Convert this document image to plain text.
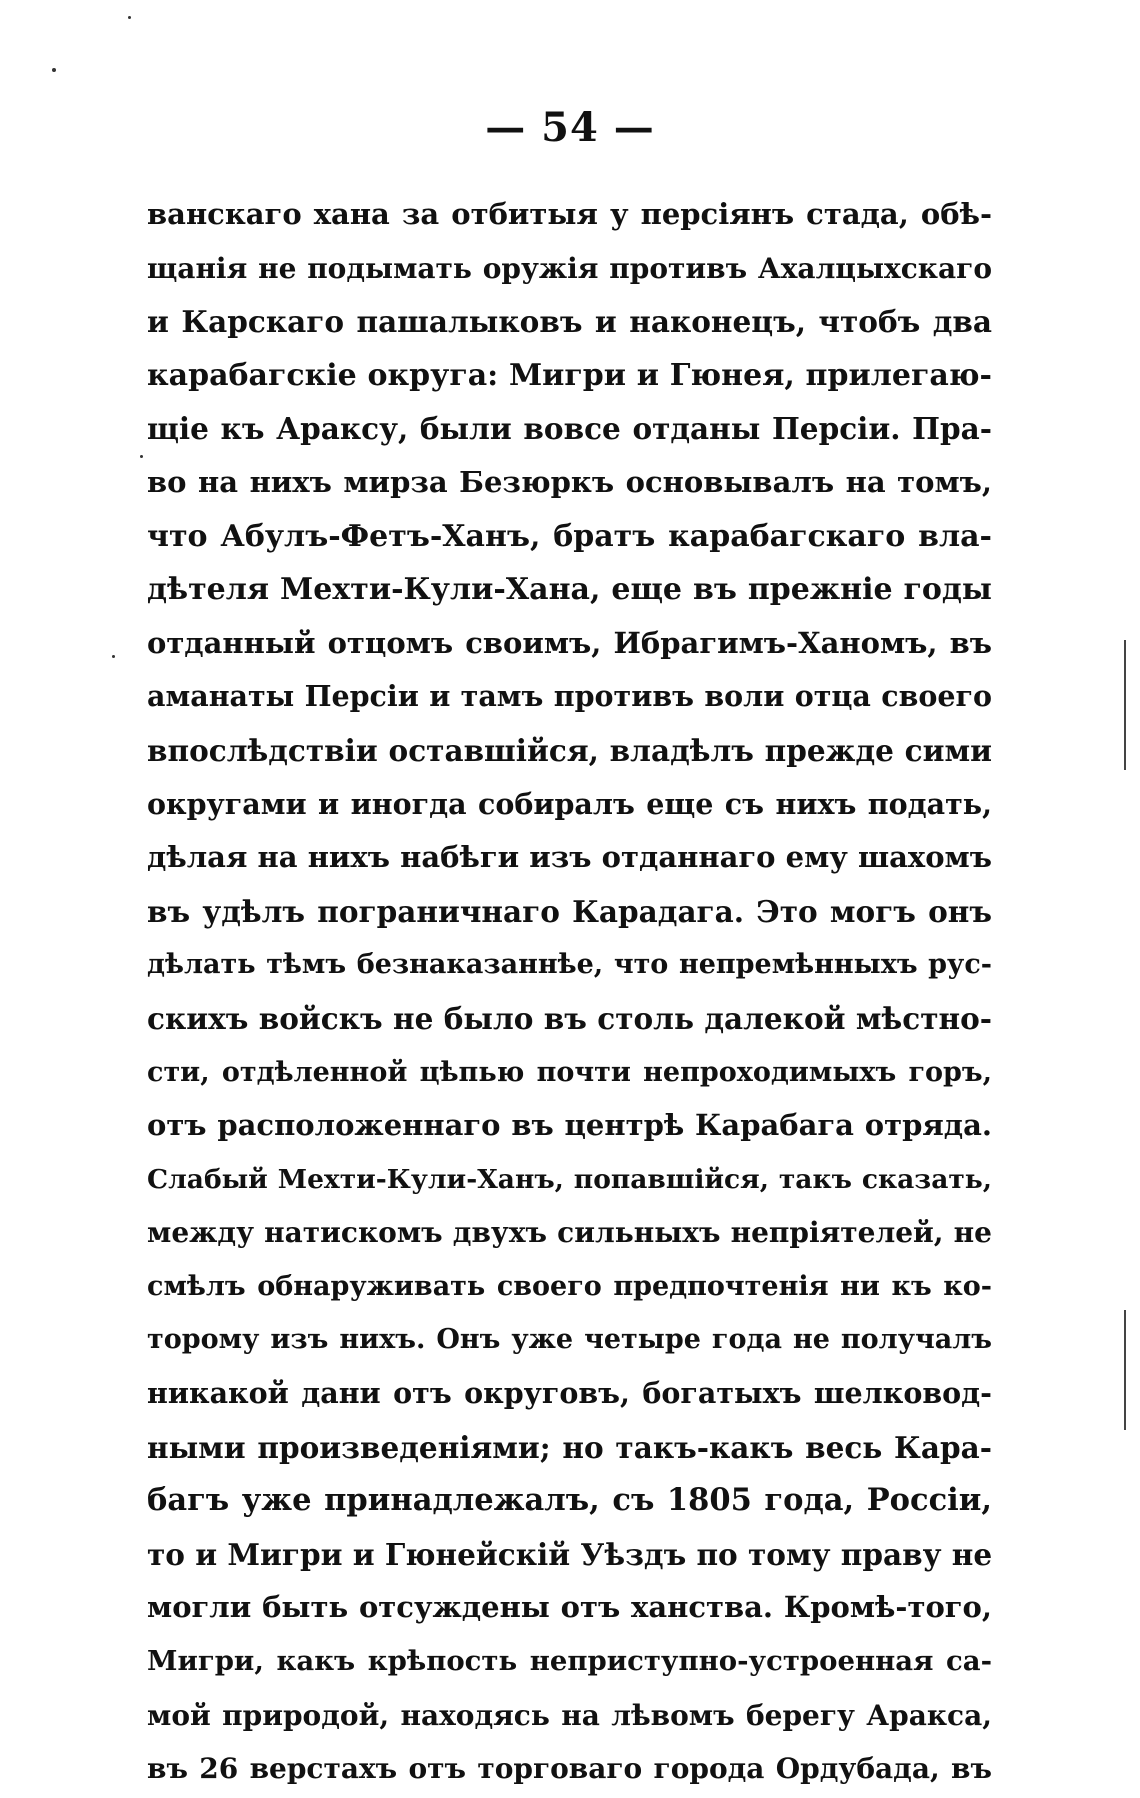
— 54 —
ванскаго хана за отбитыя у персіянъ стада, обѣ-
щанія не подымать оружія противъ Ахалцыхскаго
и Карскаго пашалыковъ и наконецъ, чтобъ два
карабагскіе округа: Мигри и Гюнея, прилегаю-
щіе къ Араксу, были вовсе отданы Персіи. Пра-
во на нихъ мирза Безюркъ основывалъ на томъ,
что Абулъ-Фетъ-Ханъ, братъ карабагскаго вла-
дѣтеля Мехти-Кули-Хана, еще въ прежніе годы
отданный отцомъ своимъ, Ибрагимъ-Ханомъ, въ
аманаты Персіи и тамъ противъ воли отца своего
впослѣдствіи оставшійся, владѣлъ прежде сими
округами и иногда собиралъ еще съ нихъ подать,
дѣлая на нихъ набѣги изъ отданнаго ему шахомъ
въ удѣлъ пограничнаго Карадага. Это могъ онъ
дѣлать тѣмъ безнаказаннѣе, что непремѣнныхъ рус-
скихъ войскъ не было въ столь далекой мѣстно-
сти, отдѣленной цѣпью почти непроходимыхъ горъ,
отъ расположеннаго въ центрѣ Карабага отряда.
Слабый Мехти-Кули-Ханъ, попавшійся, такъ сказать,
между натискомъ двухъ сильныхъ непріятелей, не
смѣлъ обнаруживать своего предпочтенія ни къ ко-
торому изъ нихъ. Онъ уже четыре года не получалъ
никакой дани отъ округовъ, богатыхъ шелковод-
ными произведеніями; но такъ-какъ весь Кара-
багъ уже принадлежалъ, съ 1805 года, Россіи,
то и Мигри и Гюнейскій Уѣздъ по тому праву не
могли быть отсуждены отъ ханства. Кромѣ-того,
Мигри, какъ крѣпость неприступно-устроенная са-
мой природой, находясь на лѣвомъ берегу Аракса,
въ 26 верстахъ отъ торговаго города Ордубада, въ
